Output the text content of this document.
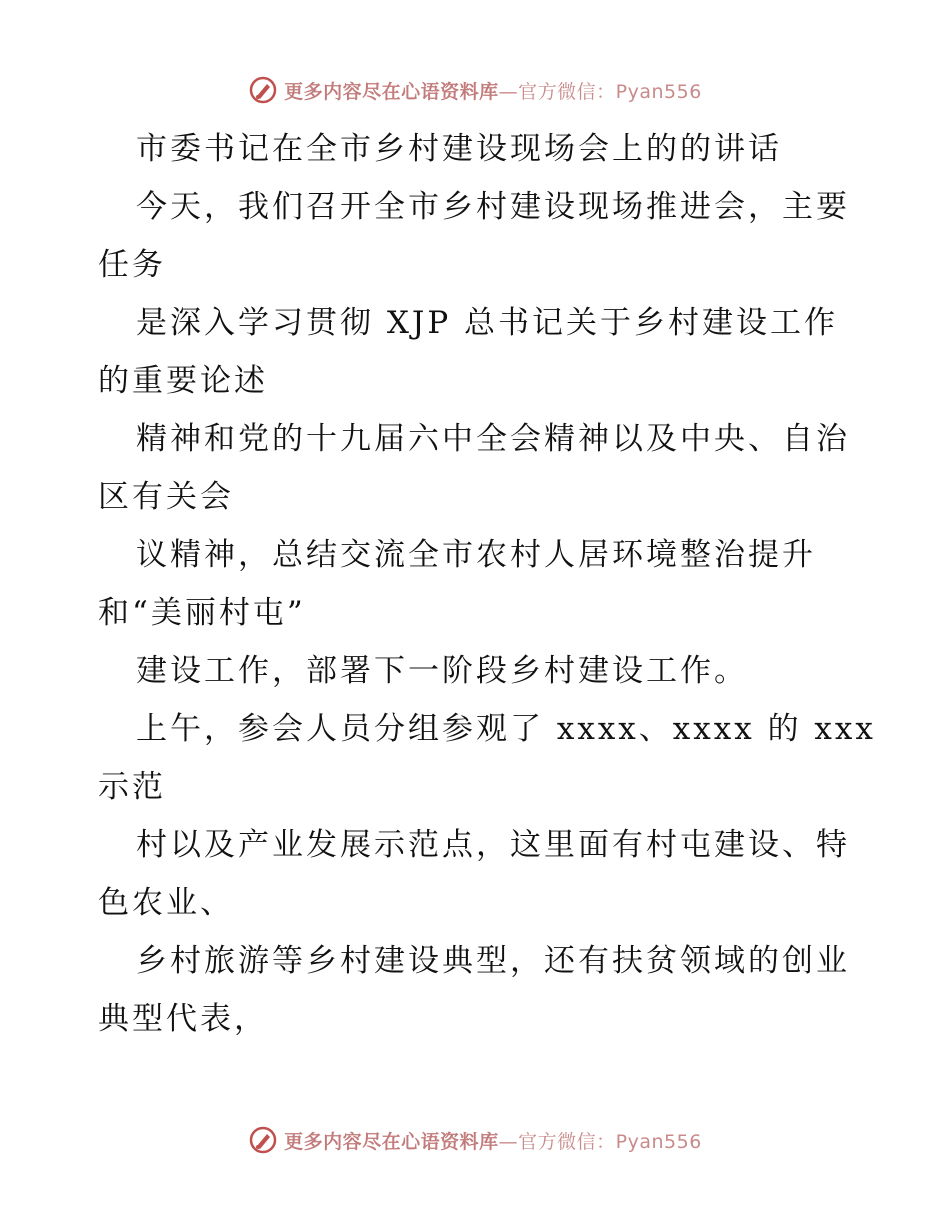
更多内容尽在心语资料库—官方微信：Pyan556
市委书记在全市乡村建设现场会上的的讲话
今天，我们召开全市乡村建设现场推进会，主要
任务
是深入学习贯彻 XJP 总书记关于乡村建设工作
的重要论述
精神和党的十九届六中全会精神以及中央、自治
区有关会
议精神，总结交流全市农村人居环境整治提升
和“美丽村屯”
建设工作，部署下一阶段乡村建设工作。
上午，参会人员分组参观了 xxxx、xxxx 的 xxx
示范
村以及产业发展示范点，这里面有村屯建设、特
色农业、
乡村旅游等乡村建设典型，还有扶贫领域的创业
典型代表，
更多内容尽在心语资料库—官方微信：Pyan556
